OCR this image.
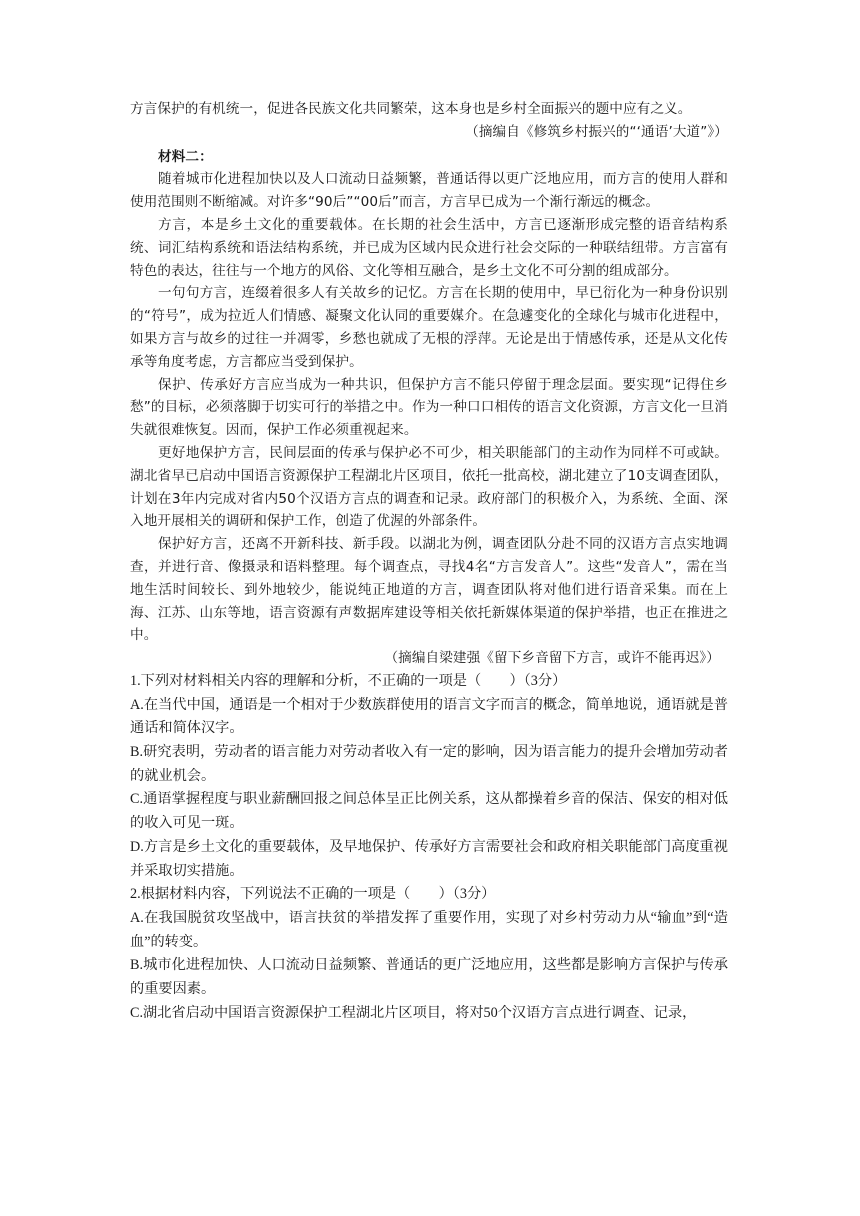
方言保护的有机统一，促进各民族文化共同繁荣，这本身也是乡村全面振兴的题中应有之义。

（摘编自《修筑乡村振兴的“‘通语’大道”》）

材料二：

随着城市化进程加快以及人口流动日益频繁，普通话得以更广泛地应用，而方言的使用人群和使用范围则不断缩减。对许多“90后”“00后”而言，方言早已成为一个渐行渐远的概念。

方言，本是乡土文化的重要载体。在长期的社会生活中，方言已逐渐形成完整的语音结构系统、词汇结构系统和语法结构系统，并已成为区域内民众进行社会交际的一种联结纽带。方言富有特色的表达，往往与一个地方的风俗、文化等相互融合，是乡土文化不可分割的组成部分。

一句句方言，连缀着很多人有关故乡的记忆。方言在长期的使用中，早已衍化为一种身份识别的“符号”，成为拉近人们情感、凝聚文化认同的重要媒介。在急遽变化的全球化与城市化进程中，如果方言与故乡的过往一并凋零，乡愁也就成了无根的浮萍。无论是出于情感传承，还是从文化传承等角度考虑，方言都应当受到保护。

保护、传承好方言应当成为一种共识，但保护方言不能只停留于理念层面。要实现“记得住乡愁”的目标，必须落脚于切实可行的举措之中。作为一种口口相传的语言文化资源，方言文化一旦消失就很难恢复。因而，保护工作必须重视起来。

更好地保护方言，民间层面的传承与保护必不可少，相关职能部门的主动作为同样不可或缺。湖北省早已启动中国语言资源保护工程湖北片区项目，依托一批高校，湖北建立了10支调查团队，计划在3年内完成对省内50个汉语方言点的调查和记录。政府部门的积极介入，为系统、全面、深入地开展相关的调研和保护工作，创造了优渥的外部条件。

保护好方言，还离不开新科技、新手段。以湖北为例，调查团队分赴不同的汉语方言点实地调查，并进行音、像摄录和语料整理。每个调查点，寻找4名“方言发音人”。这些“发音人”，需在当地生活时间较长、到外地较少，能说纯正地道的方言，调查团队将对他们进行语音采集。而在上海、江苏、山东等地，语言资源有声数据库建设等相关依托新媒体渠道的保护举措，也正在推进之中。

（摘编自梁建强《留下乡音留下方言，或许不能再迟》）

1.下列对材料相关内容的理解和分析，不正确的一项是（　　）（3分）

A.在当代中国，通语是一个相对于少数族群使用的语言文字而言的概念，简单地说，通语就是普通话和简体汉字。

B.研究表明，劳动者的语言能力对劳动者收入有一定的影响，因为语言能力的提升会增加劳动者的就业机会。

C.通语掌握程度与职业薪酬回报之间总体呈正比例关系，这从都操着乡音的保洁、保安的相对低的收入可见一斑。

D.方言是乡土文化的重要载体，及早地保护、传承好方言需要社会和政府相关职能部门高度重视并采取切实措施。

2.根据材料内容，下列说法不正确的一项是（　　）（3分）

A.在我国脱贫攻坚战中，语言扶贫的举措发挥了重要作用，实现了对乡村劳动力从“输血”到“造血”的转变。

B.城市化进程加快、人口流动日益频繁、普通话的更广泛地应用，这些都是影响方言保护与传承的重要因素。

C.湖北省启动中国语言资源保护工程湖北片区项目，将对50个汉语方言点进行调查、记录，
